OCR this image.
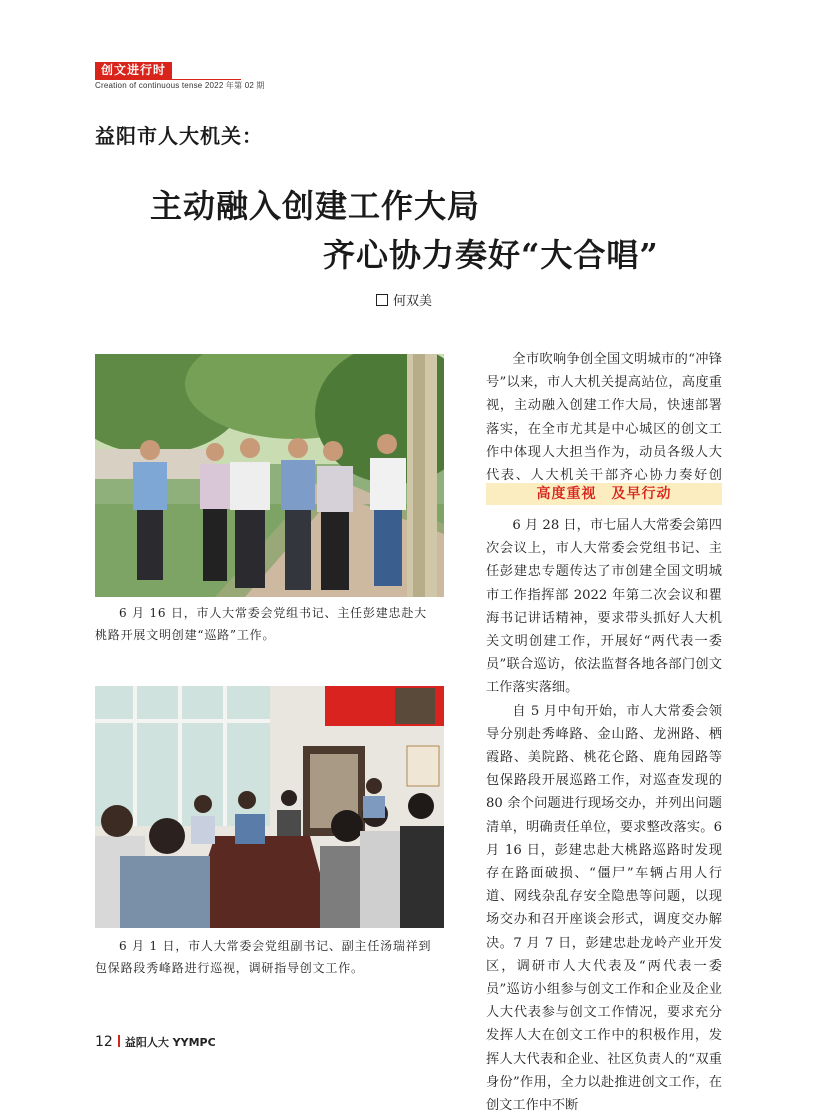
创文进行时
Creation of continuous tense 2022 年第 02 期
益阳市人大机关：
主动融入创建工作大局
齐心协力奏好“大合唱”
何双美
6 月 16 日，市人大常委会党组书记、主任彭建忠赴大桃路开展文明创建“巡路”工作。
6 月 1 日，市人大常委会党组副书记、副主任汤瑞祥到包保路段秀峰路进行巡视，调研指导创文工作。

全市吹响争创全国文明城市的“冲锋号”以来，市人大机关提高站位，高度重视，主动融入创建工作大局，快速部署落实，在全市尤其是中心城区的创文工作中体现人大担当作为，动员各级人大代表、人大机关干部齐心协力奏好创

高度重视　及早行动

6 月 28 日，市七届人大常委会第四次会议上，市人大常委会党组书记、主任彭建忠专题传达了市创建全国文明城市工作指挥部 2022 年第二次会议和瞿海书记讲话精神，要求带头抓好人大机关文明创建工作，开展好“两代表一委员”联合巡访，依法监督各地各部门创文工作落实落细。

自 5 月中旬开始，市人大常委会领导分别赴秀峰路、金山路、龙洲路、栖霞路、美院路、桃花仑路、鹿角园路等包保路段开展巡路工作，对巡查发现的 80 余个问题进行现场交办，并列出问题清单，明确责任单位，要求整改落实。6 月 16 日，彭建忠赴大桃路巡路时发现存在路面破损、“僵尸”车辆占用人行道、网线杂乱存安全隐患等问题，以现场交办和召开座谈会形式，调度交办解决。7 月 7 日，彭建忠赴龙岭产业开发区，调研市人大代表及“两代表一委员”巡访小组参与创文工作和企业及企业人大代表参与创文工作情况，要求充分发挥人大在创文工作中的积极作用，发挥人大代表和企业、社区负责人的“双重身份”作用，全力以赴推进创文工作，在创文工作中不断

12 益阳人大 YYMPC
